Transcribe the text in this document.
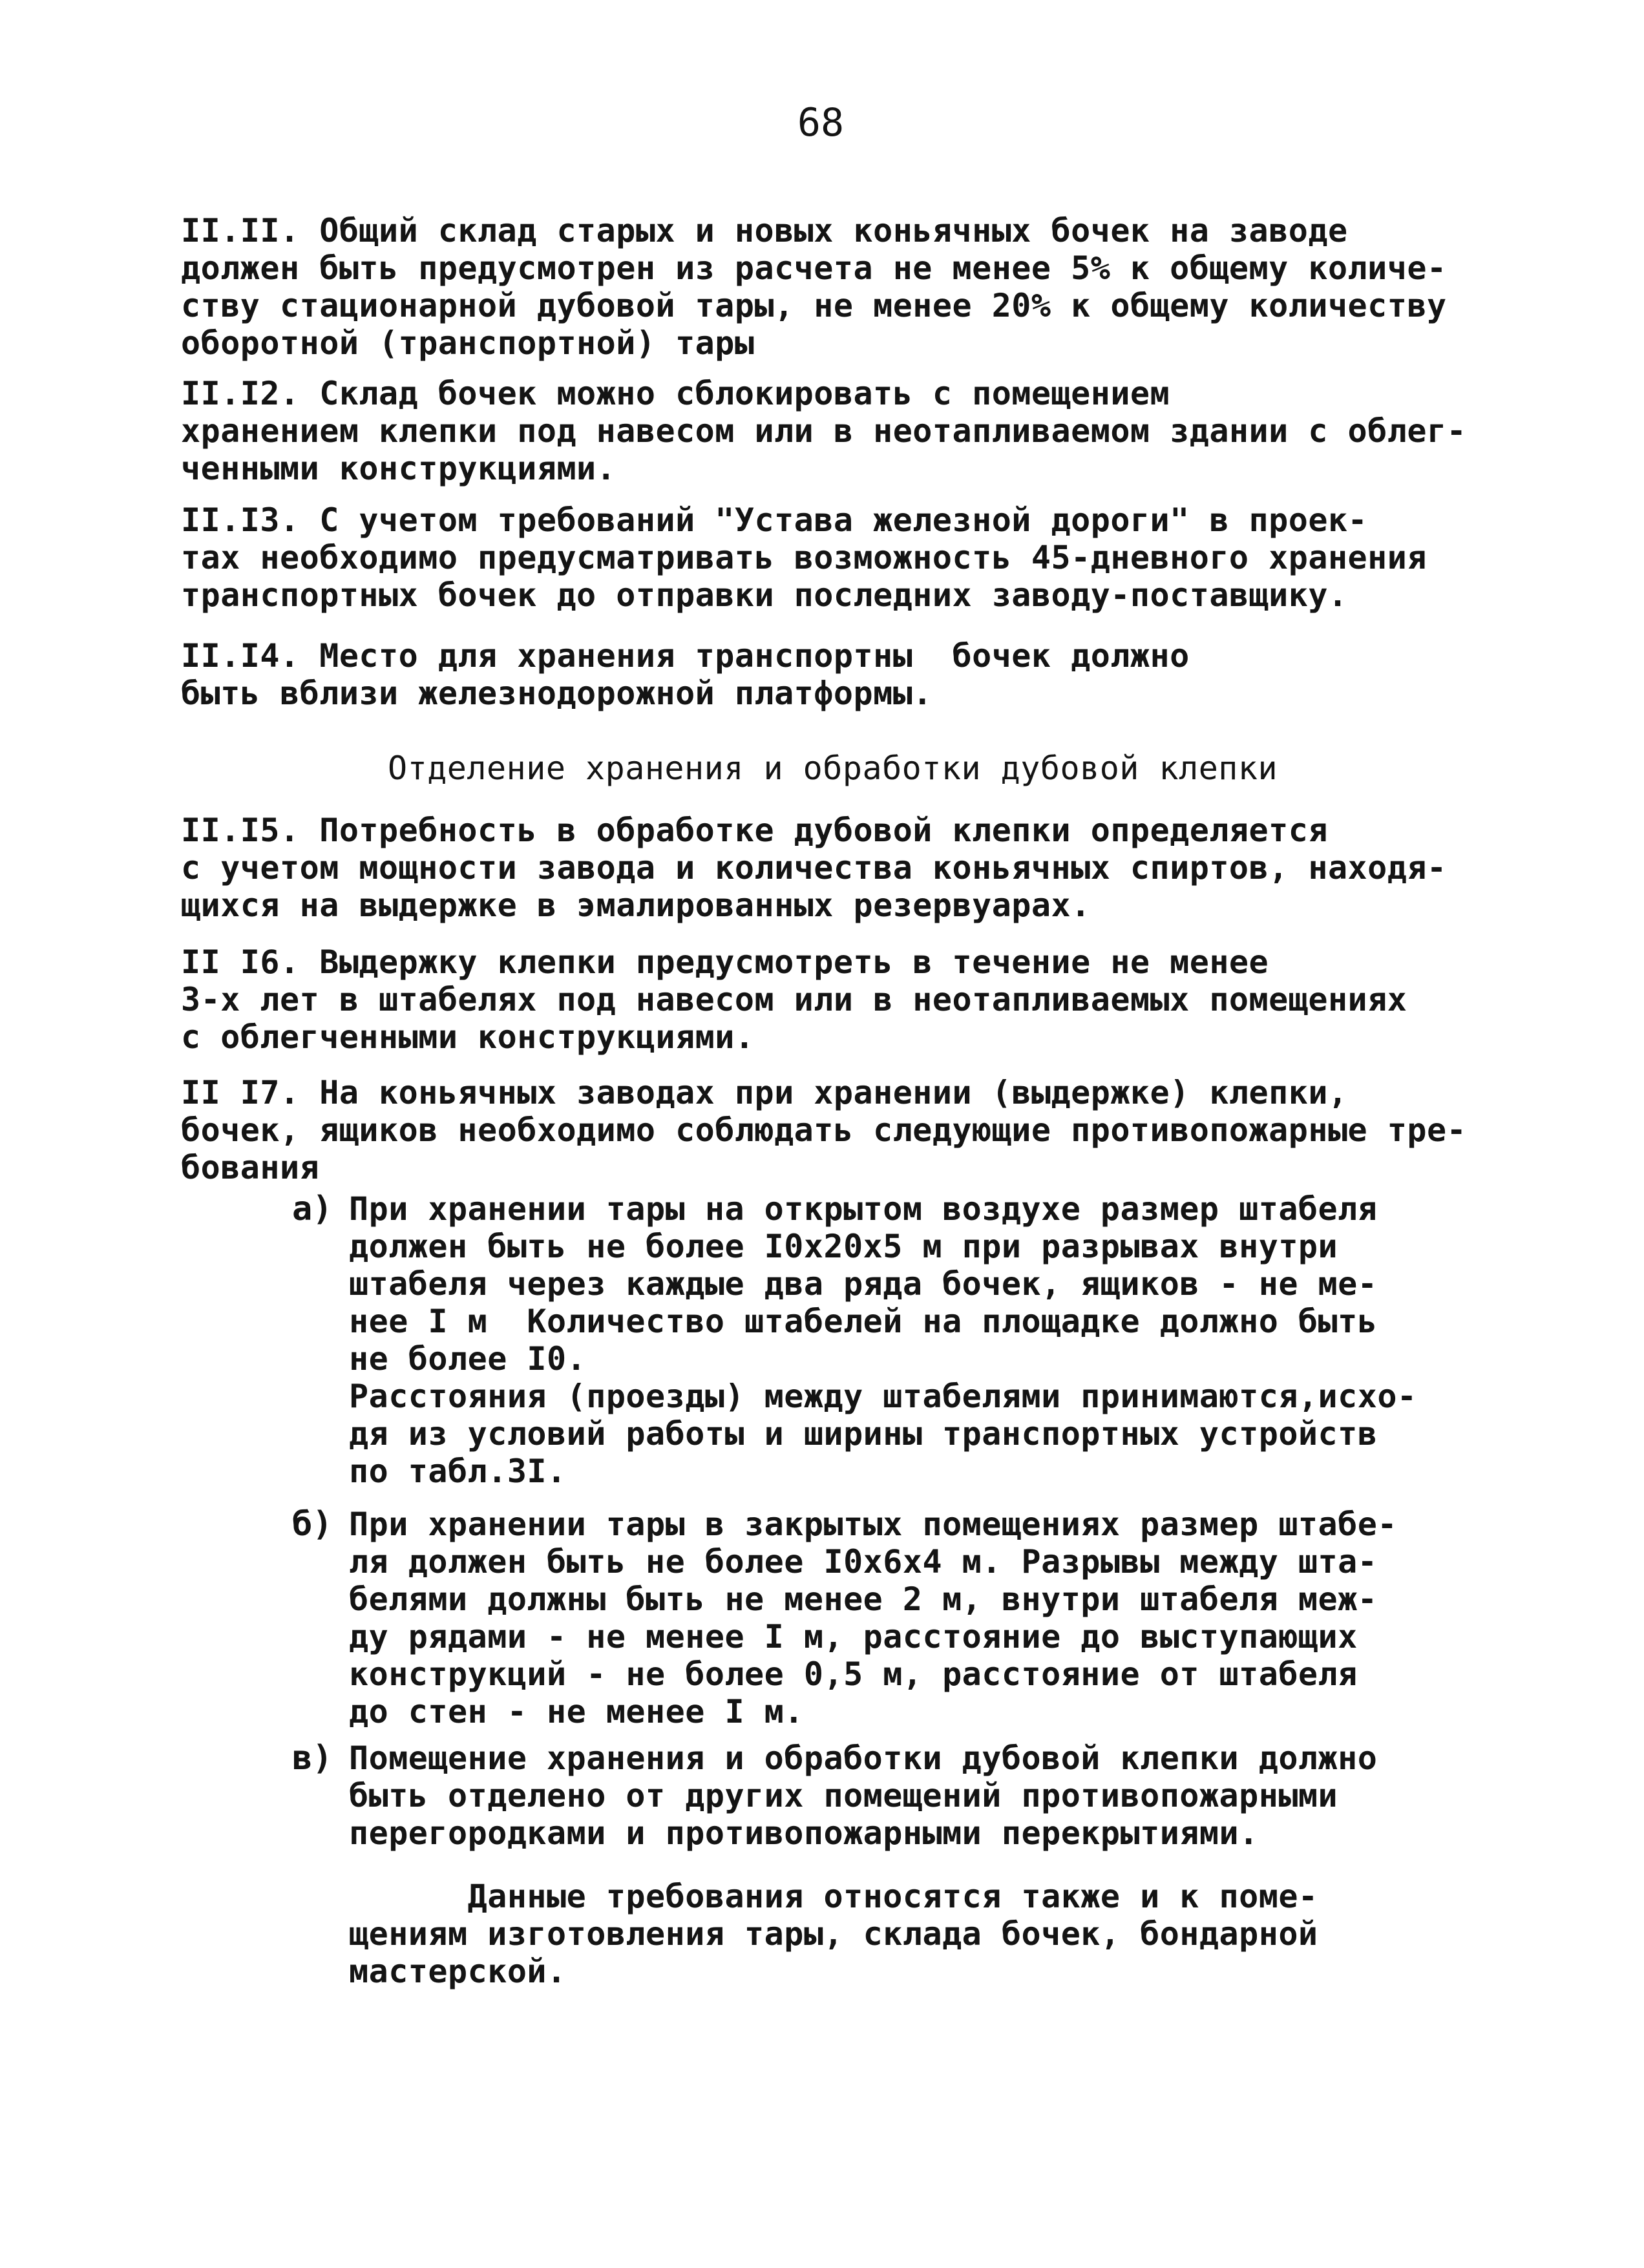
68

II.II. Общий склад старых и новых коньячных бочек на заводе
должен быть предусмотрен из расчета не менее 5% к общему количе-
ству стационарной дубовой тары, не менее 20% к общему количеству
оборотной (транспортной) тары

II.I2. Склад бочек можно сблокировать с помещением
хранением клепки под навесом или в неотапливаемом здании с облег-
ченными конструкциями.

II.I3. С учетом требований "Устава железной дороги" в проек-
тах необходимо предусматривать возможность 45-дневного хранения
транспортных бочек до отправки последних заводу-поставщику.

II.I4. Место для хранения транспортны  бочек должно
быть вблизи железнодорожной платформы.

Отделение хранения и обработки дубовой клепки

II.I5. Потребность в обработке дубовой клепки определяется
с учетом мощности завода и количества коньячных спиртов, находя-
щихся на выдержке в эмалированных резервуарах.

II I6. Выдержку клепки предусмотреть в течение не менее
3-х лет в штабелях под навесом или в неотапливаемых помещениях
с облегченными конструкциями.

II I7. На коньячных заводах при хранении (выдержке) клепки,
бочек, ящиков необходимо соблюдать следующие противопожарные тре-
бования

а) При хранении тары на открытом воздухе размер штабеля
должен быть не более I0x20x5 м при разрывах внутри
штабеля через каждые два ряда бочек, ящиков - не ме-
нее I м  Количество штабелей на площадке должно быть
не более I0.

Расстояния (проезды) между штабелями принимаются,исхо-
дя из условий работы и ширины транспортных устройств
по табл.3I.

б) При хранении тары в закрытых помещениях размер штабе-
ля должен быть не более I0x6x4 м. Разрывы между шта-
белями должны быть не менее 2 м, внутри штабеля меж-
ду рядами - не менее I м, расстояние до выступающих
конструкций - не более 0,5 м, расстояние от штабеля
до стен - не менее I м.

в) Помещение хранения и обработки дубовой клепки должно
быть отделено от других помещений противопожарными
перегородками и противопожарными перекрытиями.

Данные требования относятся также и к поме-
щениям изготовления тары, склада бочек, бондарной
мастерской.
